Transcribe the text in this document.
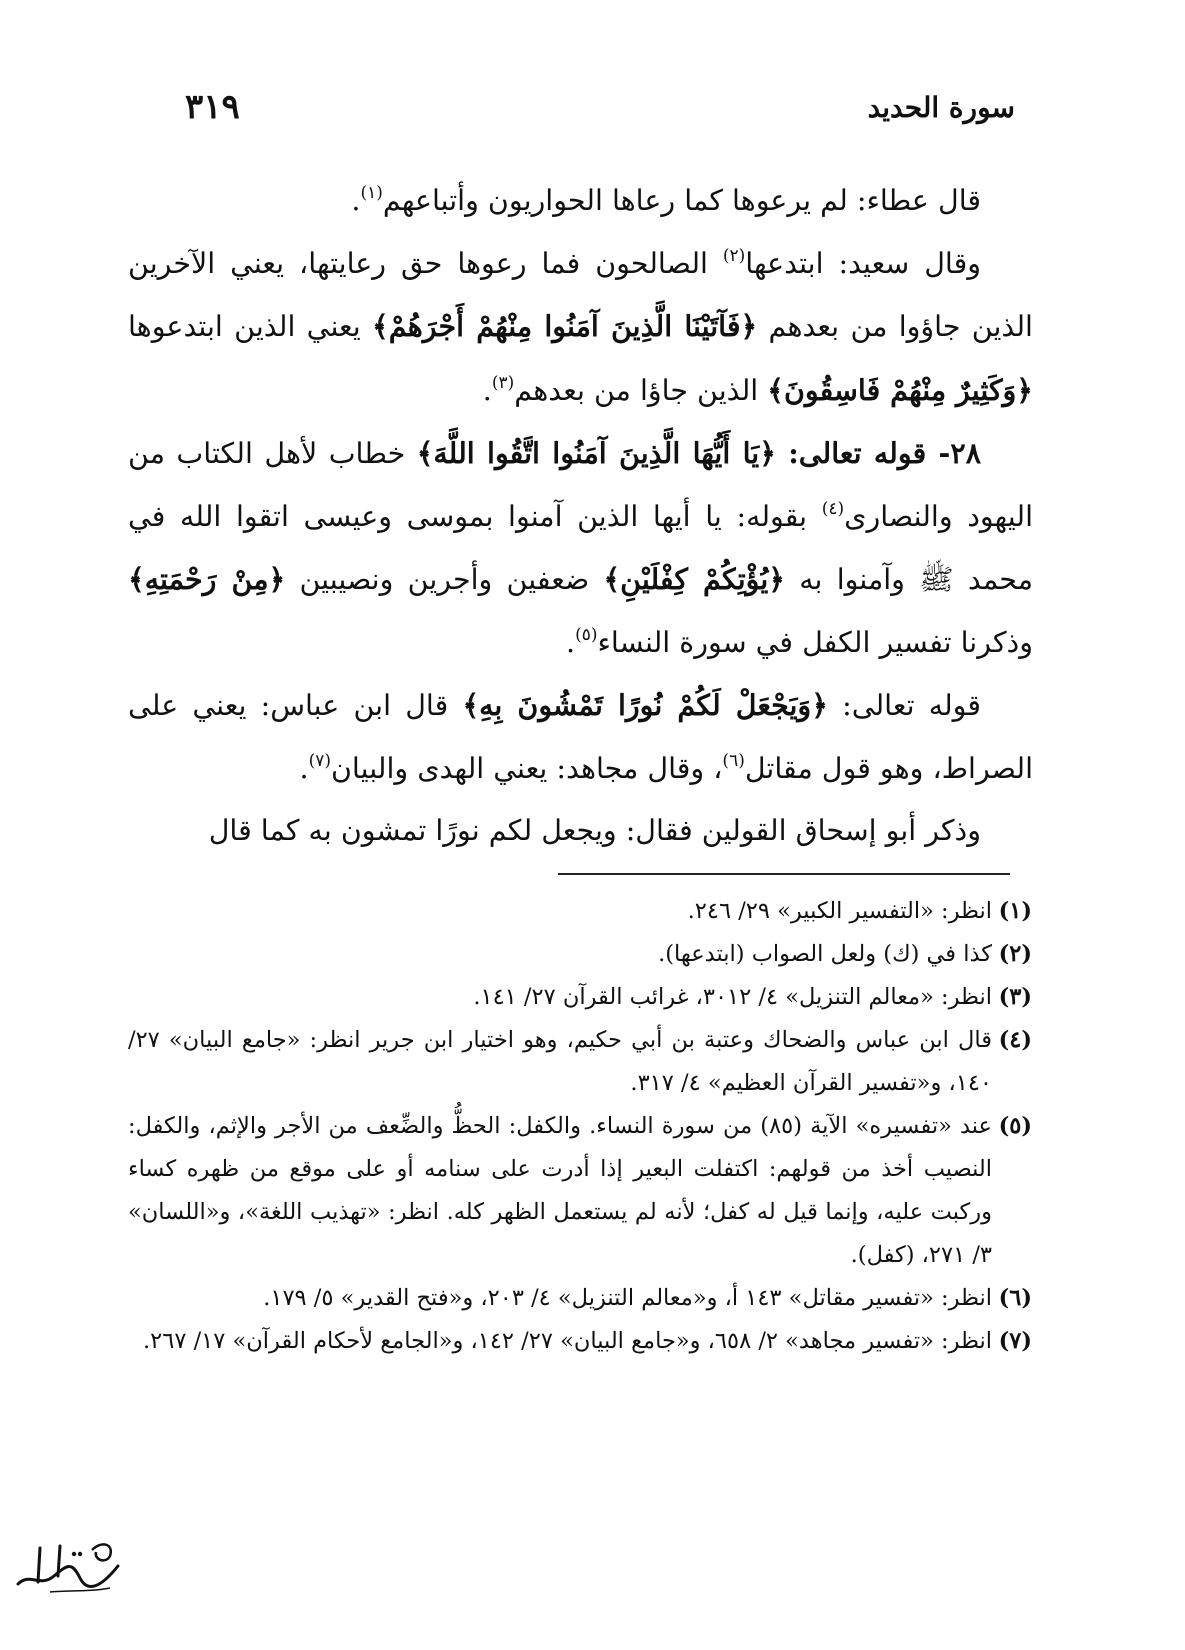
سورة الحديد
٣١٩

قال عطاء: لم يرعوها كما رعاها الحواريون وأتباعهم$^{(١)}$.

وقال سعيد: ابتدعها$^{(٢)}$ الصالحون فما رعوها حق رعايتها، يعني الآخرين الذين جاؤوا من بعدهم ﴿فَآتَيْنَا الَّذِينَ آمَنُوا مِنْهُمْ أَجْرَهُمْ﴾ يعني الذين ابتدعوها ﴿وَكَثِيرٌ مِنْهُمْ فَاسِقُونَ﴾ الذين جاؤا من بعدهم$^{(٣)}$.

٢٨- قوله تعالى: ﴿يَا أَيُّهَا الَّذِينَ آمَنُوا اتَّقُوا اللَّهَ﴾ خطاب لأهل الكتاب من اليهود والنصارى$^{(٤)}$ بقوله: يا أيها الذين آمنوا بموسى وعيسى اتقوا الله في محمد ﷺ وآمنوا به ﴿يُؤْتِكُمْ كِفْلَيْنِ﴾ ضعفين وأجرين ونصيبين ﴿مِنْ رَحْمَتِهِ﴾ وذكرنا تفسير الكفل في سورة النساء$^{(٥)}$.

قوله تعالى: ﴿وَيَجْعَلْ لَكُمْ نُورًا تَمْشُونَ بِهِ﴾ قال ابن عباس: يعني على الصراط، وهو قول مقاتل$^{(٦)}$، وقال مجاهد: يعني الهدى والبيان$^{(٧)}$.

وذكر أبو إسحاق القولين فقال: ويجعل لكم نورًا تمشون به كما قال

(١)
انظر: «التفسير الكبير» ٢٩/ ٢٤٦.
(٢)
كذا في (ك) ولعل الصواب (ابتدعها).
(٣)
انظر: «معالم التنزيل» ٤/ ٣٠١٢، غرائب القرآن ٢٧/ ١٤١.
(٤)
قال ابن عباس والضحاك وعتبة بن أبي حكيم، وهو اختيار ابن جرير انظر: «جامع البيان» ٢٧/ ١٤٠، و«تفسير القرآن العظيم» ٤/ ٣١٧.
(٥)
عند «تفسيره» الآية (٨٥) من سورة النساء. والكفل: الحظُّ والضِّعف من الأجر والإثم، والكفل: النصيب أخذ من قولهم: اكتفلت البعير إذا أدرت على سنامه أو على موقع من ظهره كساء وركبت عليه، وإنما قيل له كفل؛ لأنه لم يستعمل الظهر كله. انظر: «تهذيب اللغة»، و«اللسان» ٣/ ٢٧١، (كفل).
(٦)
انظر: «تفسير مقاتل» ١٤٣ أ، و«معالم التنزيل» ٤/ ٢٠٣، و«فتح القدير» ٥/ ١٧٩.
(٧)
انظر: «تفسير مجاهد» ٢/ ٦٥٨، و«جامع البيان» ٢٧/ ١٤٢، و«الجامع لأحكام القرآن» ١٧/ ٢٦٧.
